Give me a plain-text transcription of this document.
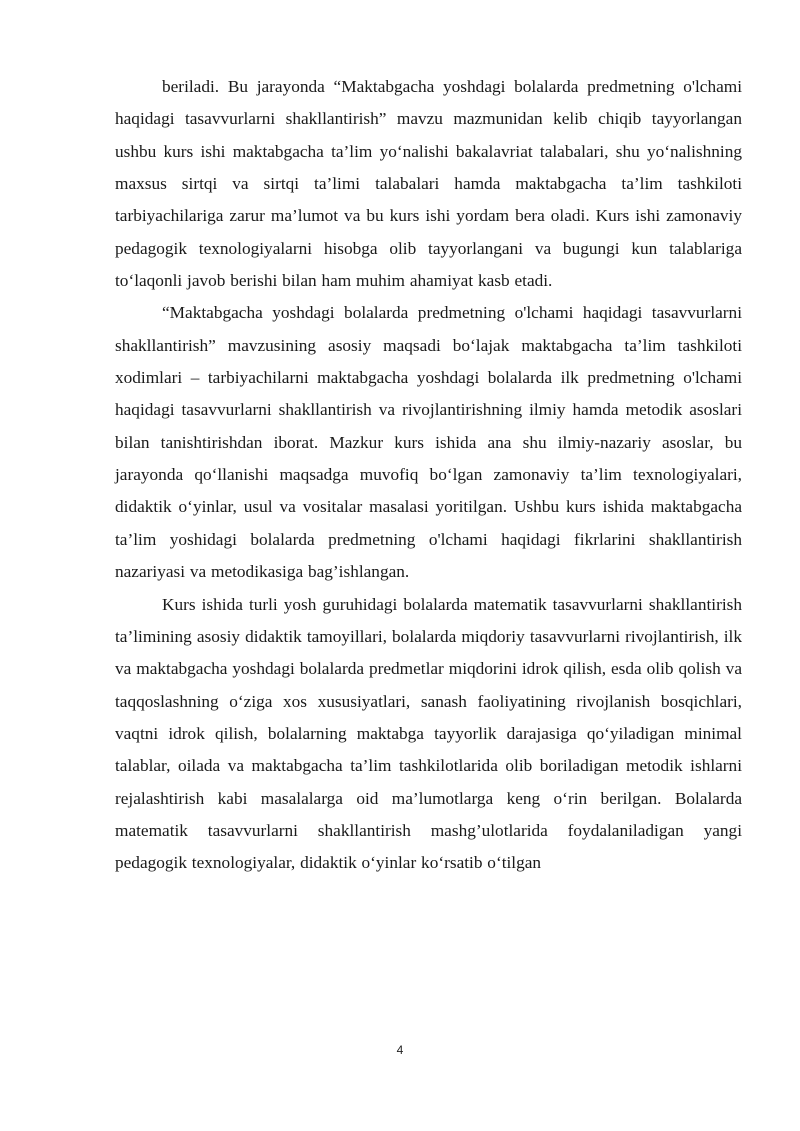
beriladi. Bu jarayonda “Maktabgacha yoshdagi bolalarda predmetning o'lchami haqidagi tasavvurlarni shakllantirish” mavzu mazmunidan kelib chiqib tayyorlangan ushbu kurs ishi maktabgacha ta’lim yo‘nalishi bakalavriat talabalari, shu yo‘nalishning maxsus sirtqi va sirtqi ta’limi talabalari hamda maktabgacha ta’lim tashkiloti tarbiyachilariga zarur ma’lumot va bu kurs ishi yordam bera oladi. Kurs ishi zamonaviy pedagogik texnologiyalarni hisobga olib tayyorlangani va bugungi kun talablariga to‘laqonli javob berishi bilan ham muhim ahamiyat kasb etadi.

“Maktabgacha yoshdagi bolalarda predmetning o'lchami haqidagi tasavvurlarni shakllantirish” mavzusining asosiy maqsadi bo‘lajak maktabgacha ta’lim tashkiloti xodimlari – tarbiyachilarni maktabgacha yoshdagi bolalarda ilk predmetning o'lchami haqidagi tasavvurlarni shakllantirish va rivojlantirishning ilmiy hamda metodik asoslari bilan tanishtirishdan iborat. Mazkur kurs ishida ana shu ilmiy-nazariy asoslar, bu jarayonda qo‘llanishi maqsadga muvofiq bo‘lgan zamonaviy ta’lim texnologiyalari, didaktik o‘yinlar, usul va vositalar masalasi yoritilgan. Ushbu kurs ishida maktabgacha ta’lim yoshidagi bolalarda predmetning o'lchami haqidagi fikrlarini shakllantirish nazariyasi va metodikasiga bag’ishlangan.

Kurs ishida turli yosh guruhidagi bolalarda matematik tasavvurlarni shakllantirish ta’limining asosiy didaktik tamoyillari, bolalarda miqdoriy tasavvurlarni rivojlantirish, ilk va maktabgacha yoshdagi bolalarda predmetlar miqdorini idrok qilish, esda olib qolish va taqqoslashning o‘ziga xos xususiyatlari, sanash faoliyatining rivojlanish bosqichlari, vaqtni idrok qilish, bolalarning maktabga tayyorlik darajasiga qo‘yiladigan minimal talablar, oilada va maktabgacha ta’lim tashkilotlarida olib boriladigan metodik ishlarni rejalashtirish kabi masalalarga oid ma’lumotlarga keng o‘rin berilgan. Bolalarda matematik tasavvurlarni shakllantirish mashg’ulotlarida foydalaniladigan yangi pedagogik texnologiyalar, didaktik o‘yinlar ko‘rsatib o‘tilgan

4
